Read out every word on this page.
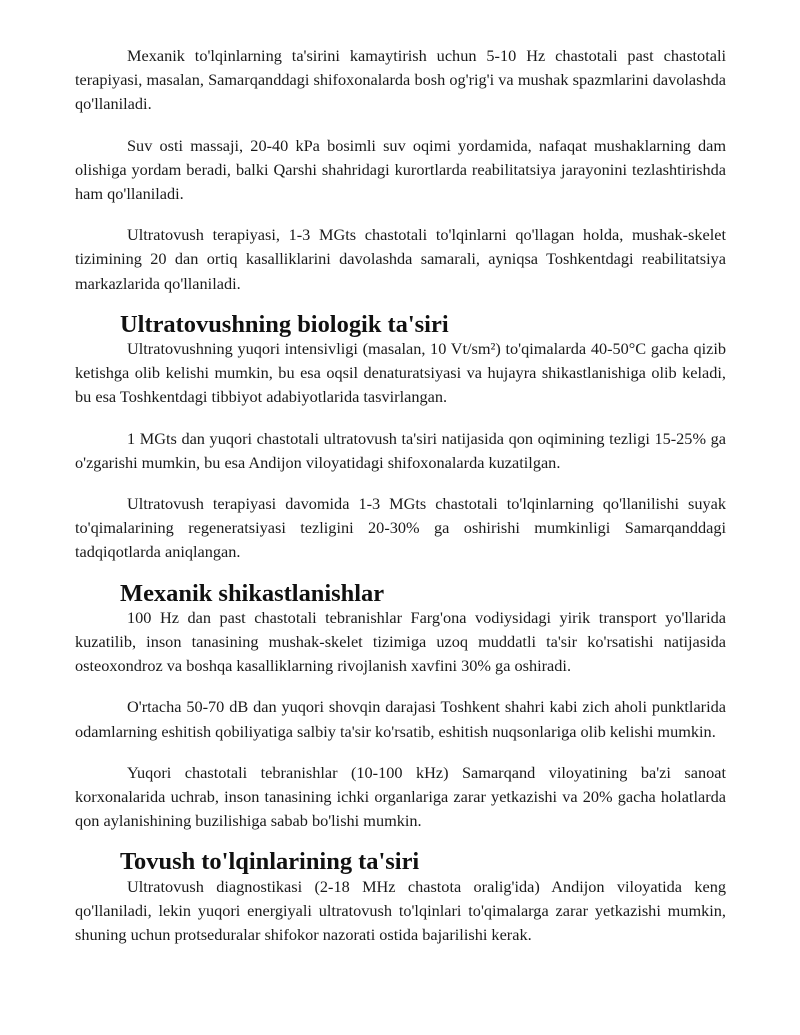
Mexanik to'lqinlarning ta'sirini kamaytirish uchun 5-10 Hz chastotali past chastotali terapiyasi, masalan, Samarqanddagi shifoxonalarda bosh og'rig'i va mushak spazmlarini davolashda qo'llaniladi.

Suv osti massaji, 20-40 kPa bosimli suv oqimi yordamida, nafaqat mushaklarning dam olishiga yordam beradi, balki Qarshi shahridagi kurortlarda reabilitatsiya jarayonini tezlashtirishda ham qo'llaniladi.

Ultratovush terapiyasi, 1-3 MGts chastotali to'lqinlarni qo'llagan holda, mushak-skelet tizimining 20 dan ortiq kasalliklarini davolashda samarali, ayniqsa Toshkentdagi reabilitatsiya markazlarida qo'llaniladi.

Ultratovushning biologik ta'siri

Ultratovushning yuqori intensivligi (masalan, 10 Vt/sm²) to'qimalarda 40-50°C gacha qizib ketishga olib kelishi mumkin, bu esa oqsil denaturatsiyasi va hujayra shikastlanishiga olib keladi, bu esa Toshkentdagi tibbiyot adabiyotlarida tasvirlangan.

1 MGts dan yuqori chastotali ultratovush ta'siri natijasida qon oqimining tezligi 15-25% ga o'zgarishi mumkin, bu esa Andijon viloyatidagi shifoxonalarda kuzatilgan.

Ultratovush terapiyasi davomida 1-3 MGts chastotali to'lqinlarning qo'llanilishi suyak to'qimalarining regeneratsiyasi tezligini 20-30% ga oshirishi mumkinligi Samarqanddagi tadqiqotlarda aniqlangan.

Mexanik shikastlanishlar

100 Hz dan past chastotali tebranishlar Farg'ona vodiysidagi yirik transport yo'llarida kuzatilib, inson tanasining mushak-skelet tizimiga uzoq muddatli ta'sir ko'rsatishi natijasida osteoxondroz va boshqa kasalliklarning rivojlanish xavfini 30% ga oshiradi.

O'rtacha 50-70 dB dan yuqori shovqin darajasi Toshkent shahri kabi zich aholi punktlarida odamlarning eshitish qobiliyatiga salbiy ta'sir ko'rsatib, eshitish nuqsonlariga olib kelishi mumkin.

Yuqori chastotali tebranishlar (10-100 kHz) Samarqand viloyatining ba'zi sanoat korxonalarida uchrab, inson tanasining ichki organlariga zarar yetkazishi va 20% gacha holatlarda qon aylanishining buzilishiga sabab bo'lishi mumkin.

Tovush to'lqinlarining ta'siri

Ultratovush diagnostikasi (2-18 MHz chastota oralig'ida) Andijon viloyatida keng qo'llaniladi, lekin yuqori energiyali ultratovush to'lqinlari to'qimalarga zarar yetkazishi mumkin, shuning uchun protseduralar shifokor nazorati ostida bajarilishi kerak.
